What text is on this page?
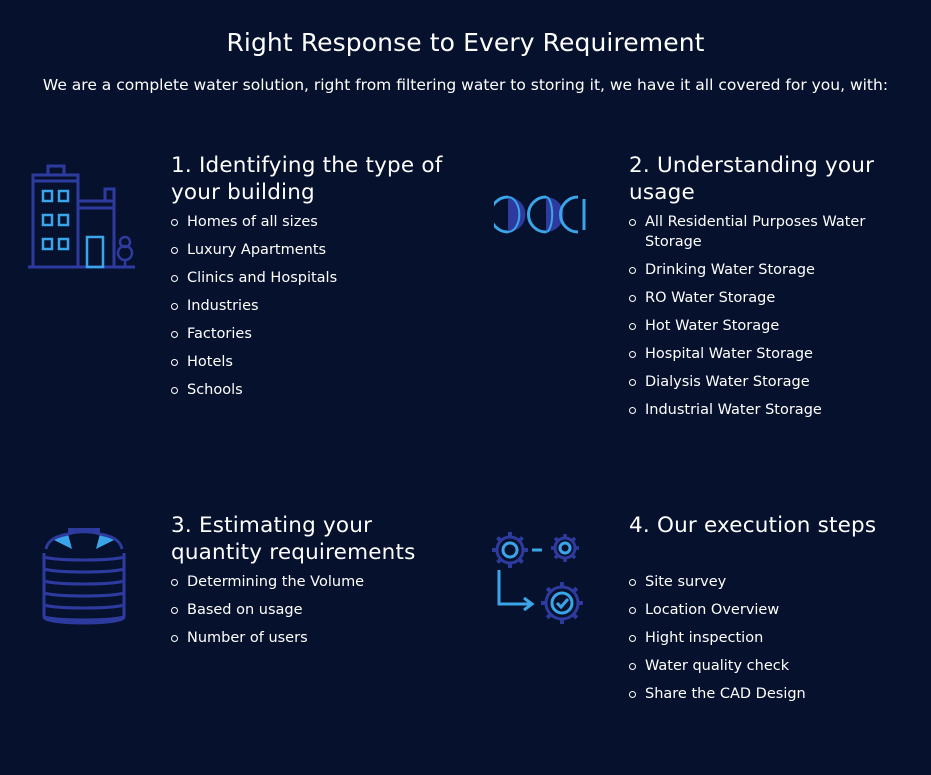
Right Response to Every Requirement

We are a complete water solution, right from filtering water to storing it, we have it all covered for you, with:

1. Identifying the type of your building
Homes of all sizes
Luxury Apartments
Clinics and Hospitals
Industries
Factories
Hotels
Schools
2. Understanding your usage
All Residential Purposes Water Storage
Drinking Water Storage
RO Water Storage
Hot Water Storage
Hospital Water Storage
Dialysis Water Storage
Industrial Water Storage
3. Estimating your quantity requirements
Determining the Volume
Based on usage
Number of users
4. Our execution steps
Site survey
Location Overview
Hight inspection
Water quality check
Share the CAD Design
